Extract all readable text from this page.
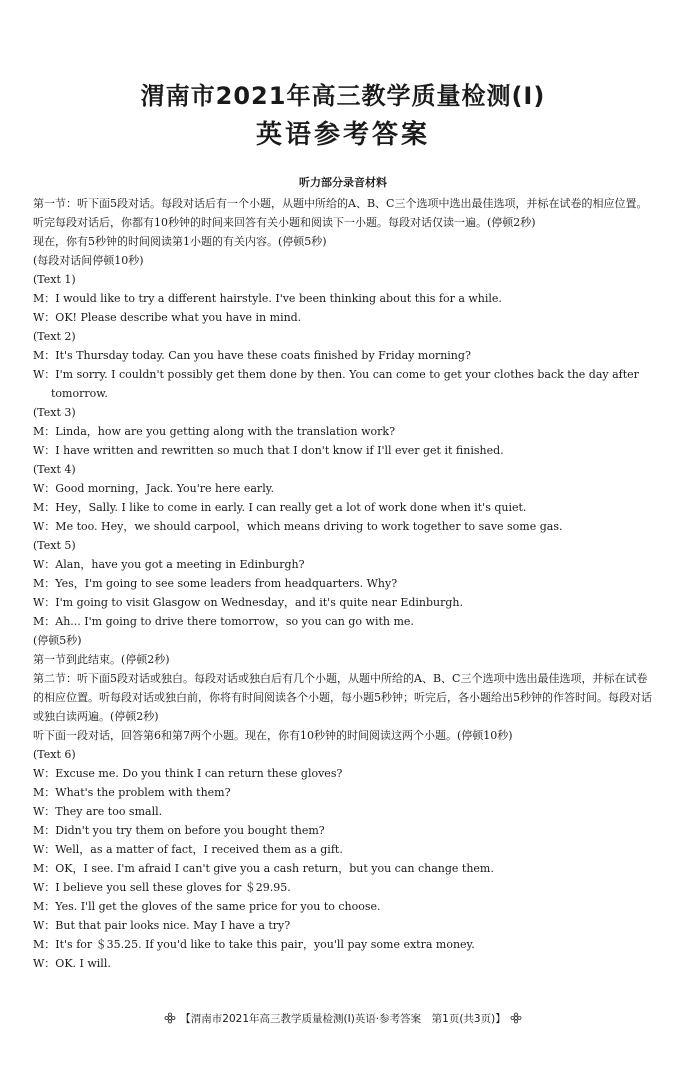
渭南市2021年高三教学质量检测(Ⅰ)
英语参考答案
听力部分录音材料

第一节：听下面5段对话。每段对话后有一个小题，从题中所给的A、B、C三个选项中选出最佳选项，并标在试卷的相应位置。听完每段对话后，你都有10秒钟的时间来回答有关小题和阅读下一小题。每段对话仅读一遍。(停顿2秒)

现在，你有5秒钟的时间阅读第1小题的有关内容。(停顿5秒)

(每段对话间停顿10秒)

(Text 1)

M：I would like to try a different hairstyle. I've been thinking about this for a while.

W：OK! Please describe what you have in mind.

(Text 2)

M：It's Thursday today. Can you have these coats finished by Friday morning?

W：I'm sorry. I couldn't possibly get them done by then. You can come to get your clothes back the day after tomorrow.

(Text 3)

M：Linda，how are you getting along with the translation work?

W：I have written and rewritten so much that I don't know if I'll ever get it finished.

(Text 4)

W：Good morning，Jack. You're here early.

M：Hey，Sally. I like to come in early. I can really get a lot of work done when it's quiet.

W：Me too. Hey，we should carpool，which means driving to work together to save some gas.

(Text 5)

W：Alan，have you got a meeting in Edinburgh?

M：Yes，I'm going to see some leaders from headquarters. Why?

W：I'm going to visit Glasgow on Wednesday，and it's quite near Edinburgh.

M：Ah... I'm going to drive there tomorrow，so you can go with me.

(停顿5秒)

第一节到此结束。(停顿2秒)

第二节：听下面5段对话或独白。每段对话或独白后有几个小题，从题中所给的A、B、C三个选项中选出最佳选项，并标在试卷的相应位置。听每段对话或独白前，你将有时间阅读各个小题，每小题5秒钟；听完后，各小题给出5秒钟的作答时间。每段对话或独白读两遍。(停顿2秒)

听下面一段对话，回答第6和第7两个小题。现在，你有10秒钟的时间阅读这两个小题。(停顿10秒)

(Text 6)

W：Excuse me. Do you think I can return these gloves?

M：What's the problem with them?

W：They are too small.

M：Didn't you try them on before you bought them?

W：Well，as a matter of fact，I received them as a gift.

M：OK，I see. I'm afraid I can't give you a cash return，but you can change them.

W：I believe you sell these gloves for ＄29.95.

M：Yes. I'll get the gloves of the same price for you to choose.

W：But that pair looks nice. May I have a try?

M：It's for ＄35.25. If you'd like to take this pair，you'll pay some extra money.

W：OK. I will.

【渭南市2021年高三教学质量检测(Ⅰ)英语·参考答案　第1页(共3页)】
